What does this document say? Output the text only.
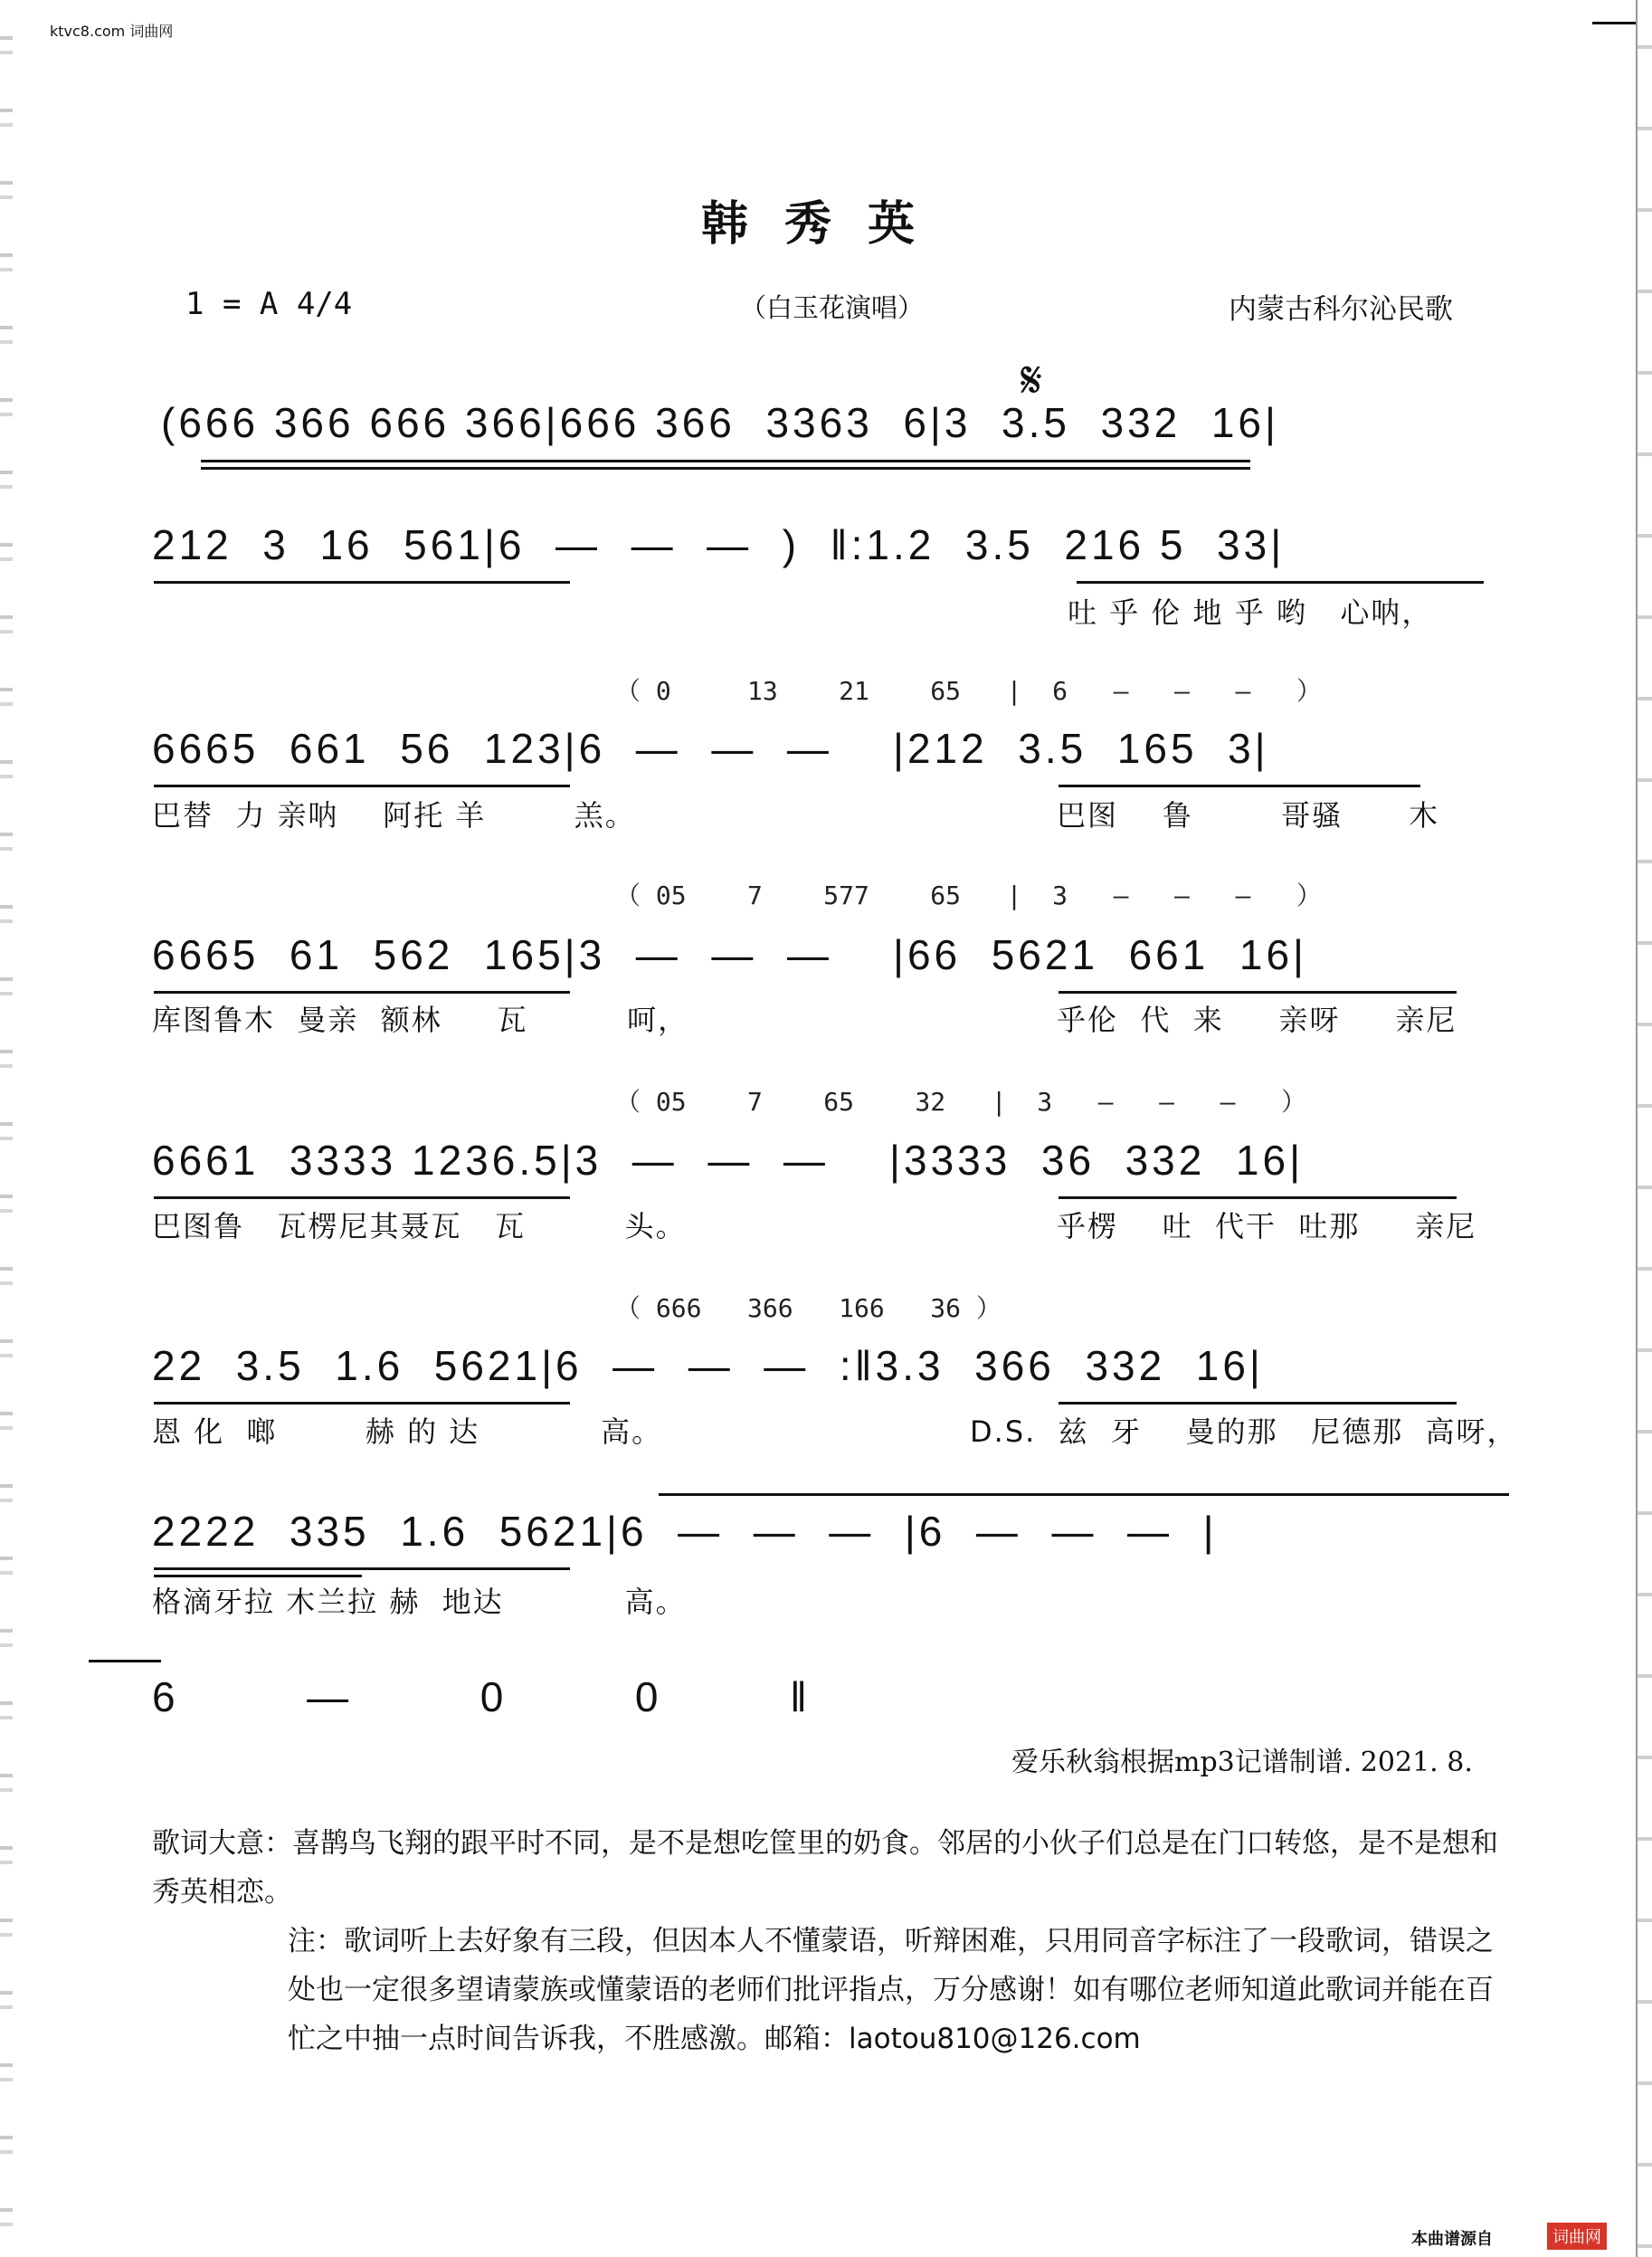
ktvc8.com 词曲网
韩秀英
1 = A 4/4	（白玉花演唱）	内蒙古科尔沁民歌
𝄋
(666 366 666 366|666 366  3363  6|3  3.5  332  16|
212  3  16  561|6  —  —  —  )  ‖:1.2  3.5  216 5  33|
吐 乎 伦 地 乎 哟   心呐，
（ 0     13    21    65   |  6   —   —   —   ）
6665  661  56  123|6  —  —  —    |212  3.5  165  3|
巴替  力 亲呐    阿托 羊        羔。	巴图    鲁        哥骚      木
（ 05    7    577    65   |  3   —   —   —   ）
6665  61  562  165|3  —  —  —    |66  5621  661  16|
库图鲁木  曼亲  额林     瓦         呵，	乎伦  代  来     亲呀     亲尼
（ 05    7    65    32   |  3   —   —   —   ）
6661  3333 1236.5|3  —  —  —    |3333  36  332  16|
巴图鲁   瓦楞尼其聂瓦   瓦         头。	乎楞    吐  代干  吐那     亲尼
（ 666   366   166   36 ）
22  3.5  1.6  5621|6  —  —  —  :‖3.3  366  332  16|
恩 化  啷        赫 的 达           高。	D.S.  兹  牙    曼的那   尼德那  高呀，
2222  335  1.6  5621|6  —  —  —  |6  —  —  —  |
格滴牙拉 木兰拉 赫  地达           高。
6  —  0  0  ‖
爱乐秋翁根据mp3记谱制谱. 2021. 8.

歌词大意：喜鹊鸟飞翔的跟平时不同，是不是想吃筐里的奶食。邻居的小伙子们总是在门口转悠，是不是想和秀英相恋。

注：歌词听上去好象有三段，但因本人不懂蒙语，听辩困难，只用同音字标注了一段歌词，错误之处也一定很多望请蒙族或懂蒙语的老师们批评指点，万分感谢！如有哪位老师知道此歌词并能在百忙之中抽一点时间告诉我，不胜感激。邮箱：laotou810@126.com

本曲谱源自	词曲网
